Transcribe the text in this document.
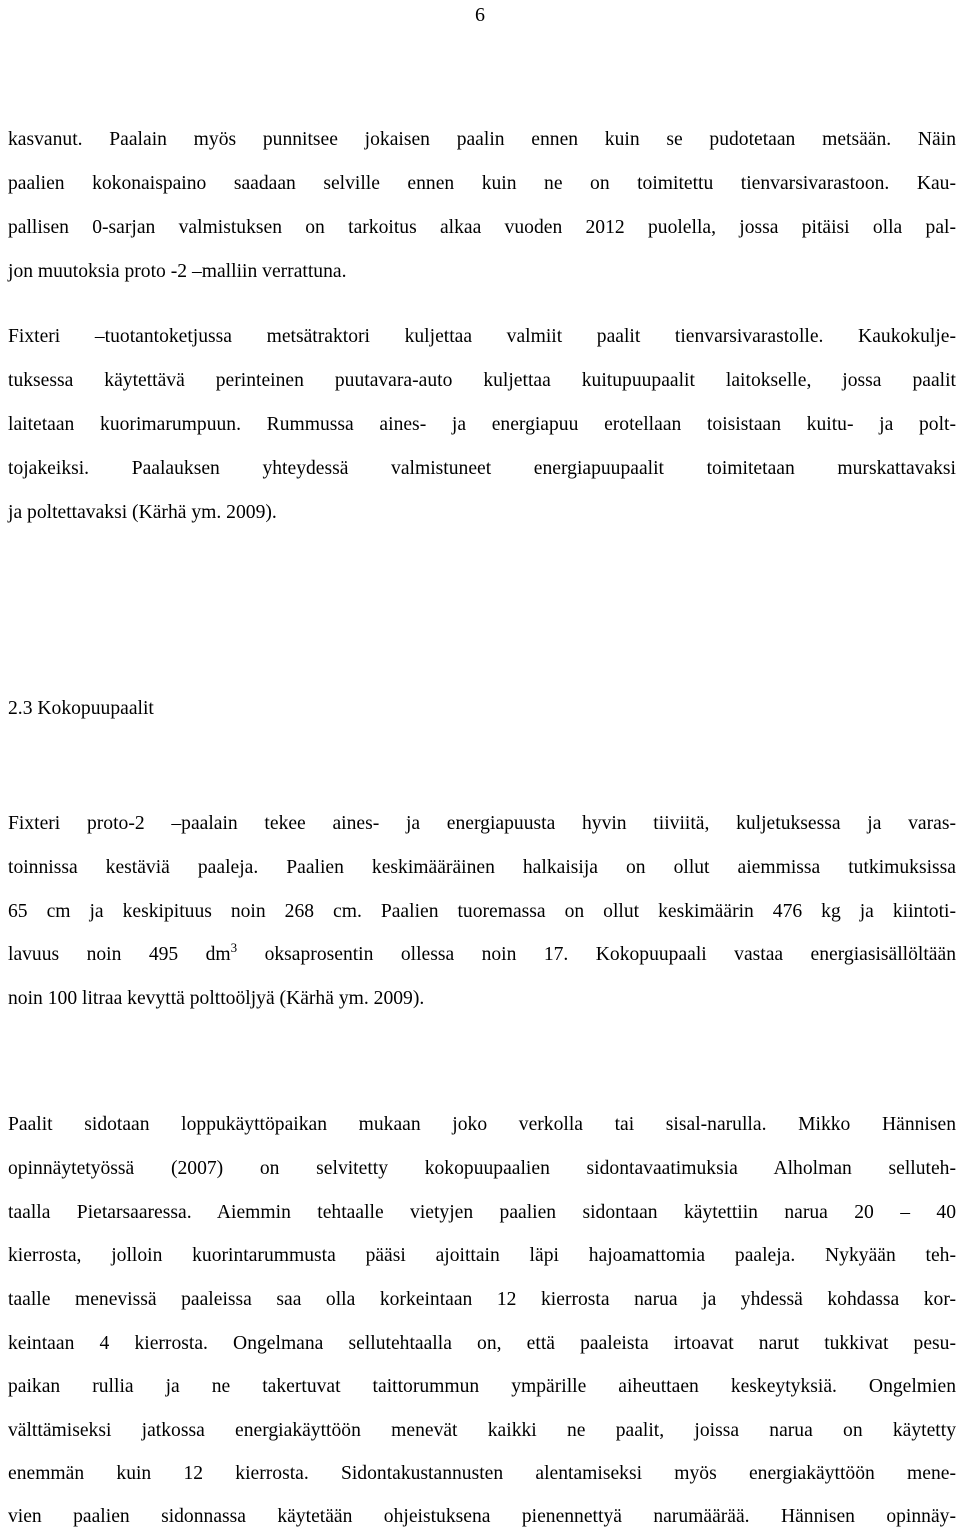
6
kasvanut. Paalain myös punnitsee jokaisen paalin ennen kuin se pudotetaan metsään. Näin
paalien kokonaispaino saadaan selville ennen kuin ne on toimitettu tienvarsivarastoon. Kau-
pallisen 0-sarjan valmistuksen on tarkoitus alkaa vuoden 2012 puolella, jossa pitäisi olla pal-
jon muutoksia proto -2 –malliin verrattuna.
Fixteri –tuotantoketjussa metsätraktori kuljettaa valmiit paalit tienvarsivarastolle. Kaukokulje-
tuksessa käytettävä perinteinen puutavara-auto kuljettaa kuitupuupaalit laitokselle, jossa paalit
laitetaan kuorimarumpuun. Rummussa aines- ja energiapuu erotellaan toisistaan kuitu- ja polt-
tojakeiksi. Paalauksen yhteydessä valmistuneet energiapuupaalit toimitetaan murskattavaksi
ja poltettavaksi (Kärhä ym. 2009).
2.3 Kokopuupaalit
Fixteri proto-2 –paalain tekee aines- ja energiapuusta hyvin tiiviitä, kuljetuksessa ja varas-
toinnissa kestäviä paaleja. Paalien keskimääräinen halkaisija on ollut aiemmissa tutkimuksissa
65 cm ja keskipituus noin 268 cm. Paalien tuoremassa on ollut keskimäärin 476 kg ja kiintoti-
lavuus noin 495 $dm^3$ oksaprosentin ollessa noin 17. Kokopuupaali vastaa energiasisällöltään
noin 100 litraa kevyttä polttoöljyä (Kärhä ym. 2009).
Paalit sidotaan loppukäyttöpaikan mukaan joko verkolla tai sisal-narulla. Mikko Hännisen
opinnäytetyössä (2007) on selvitetty kokopuupaalien sidontavaatimuksia Alholman selluteh-
taalla Pietarsaaressa. Aiemmin tehtaalle vietyjen paalien sidontaan käytettiin narua 20 – 40
kierrosta, jolloin kuorintarummusta pääsi ajoittain läpi hajoamattomia paaleja. Nykyään teh-
taalle menevissä paaleissa saa olla korkeintaan 12 kierrosta narua ja yhdessä kohdassa kor-
keintaan 4 kierrosta. Ongelmana sellutehtaalla on, että paaleista irtoavat narut tukkivat pesu-
paikan rullia ja ne takertuvat taittorummun ympärille aiheuttaen keskeytyksiä. Ongelmien
välttämiseksi jatkossa energiakäyttöön menevät kaikki ne paalit, joissa narua on käytetty
enemmän kuin 12 kierrosta. Sidontakustannusten alentamiseksi myös energiakäyttöön mene-
vien paalien sidonnassa käytetään ohjeistuksena pienennettyä narumäärää. Hännisen opinnäy-
